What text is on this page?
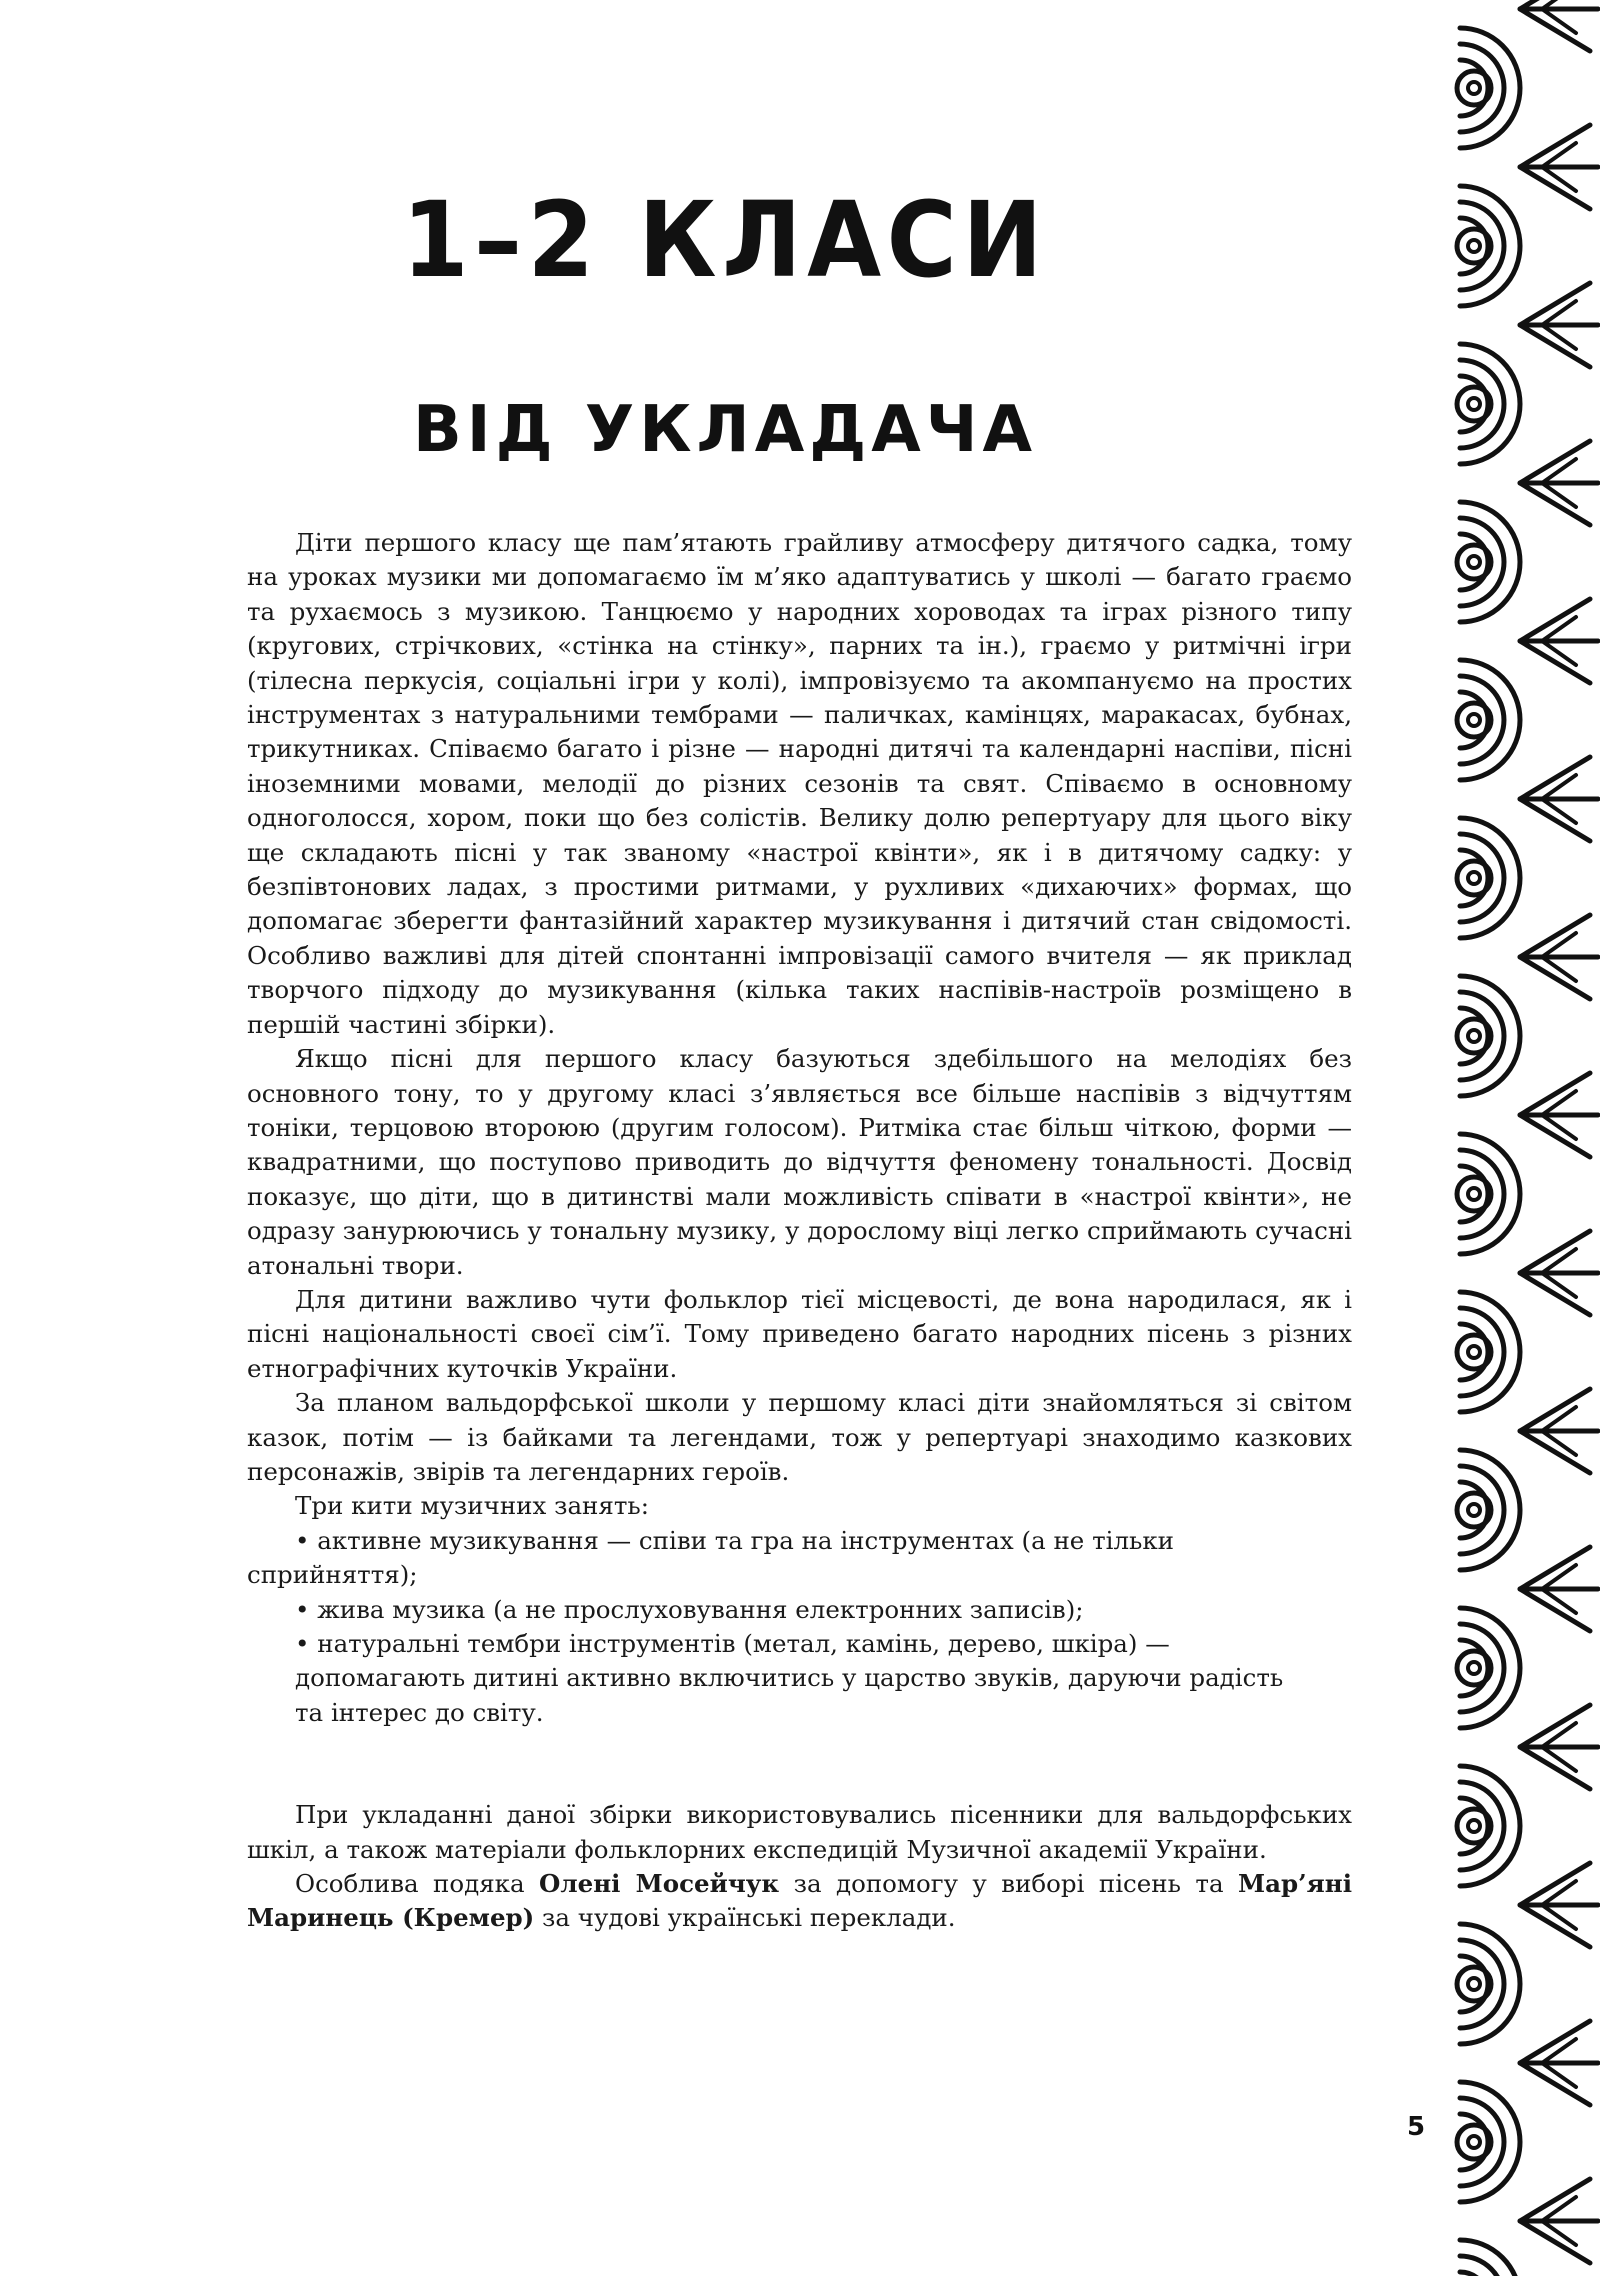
1–2 КЛАСИ
ВІД УКЛАДАЧА

Діти першого класу ще пам’ятають грайливу атмосферу дитячого садка, тому на уроках музики ми допомагаємо їм м’яко адаптуватись у школі — багато граємо та рухаємось з музикою. Танцюємо у народних хороводах та іграх різного типу (кругових, стрічкових, «стінка на стінку», парних та ін.), граємо у ритмічні ігри (тілесна перкусія, соціальні ігри у колі), імпровізуємо та акомпануємо на простих інструментах з натуральними тембрами — паличках, камінцях, маракасах, бубнах, трикутниках. Співаємо багато і різне — народні дитячі та календарні наспіви, пісні іноземними мовами, мелодії до різних сезонів та свят. Співаємо в основному одноголосся, хором, поки що без солістів. Велику долю репертуару для цього віку ще складають пісні у так званому «настрої квінти», як і в дитячому садку: у безпівтонових ладах, з простими ритмами, у рухливих «дихаючих» формах, що допомагає зберегти фантазійний характер музикування і дитячий стан свідомості. Особливо важливі для дітей спонтанні імпровізації самого вчителя — як приклад творчого підходу до музикування (кілька таких наспівів-настроїв розміщено в першій частині збірки).

Якщо пісні для першого класу базуються здебільшого на мелодіях без основного тону, то у другому класі з’являється все більше наспівів з відчуттям тоніки, терцовою второюю (другим голосом). Ритміка стає більш чіткою, форми — квадратними, що поступово приводить до відчуття феномену тональності. Досвід показує, що діти, що в дитинстві мали можливість співати в «настрої квінти», не одразу занурюючись у тональну музику, у дорослому віці легко сприймають сучасні атональні твори.

Для дитини важливо чути фольклор тієї місцевості, де вона народилася, як і пісні національності своєї сім’ї. Тому приведено багато народних пісень з різних етнографічних куточків України.

За планом вальдорфської школи у першому класі діти знайомляться зі світом казок, потім — із байками та легендами, тож у репертуарі знаходимо казкових персонажів, звірів та легендарних героїв.

Три кити музичних занять:

• активне музикування — співи та гра на інструментах (а не тільки сприйняття);

• жива музика (а не прослуховування електронних записів);

• натуральні тембри інструментів (метал, камінь, дерево, шкіра) —

допомагають дитині активно включитись у царство звуків, даруючи радість

та інтерес до світу.

При укладанні даної збірки використовувались пісенники для вальдорфських шкіл, а також матеріали фольклорних експедицій Музичної академії України.

Особлива подяка Олені Мосейчук за допомогу у виборі пісень та Мар’яні Маринець (Кремер) за чудові українські переклади.

5
